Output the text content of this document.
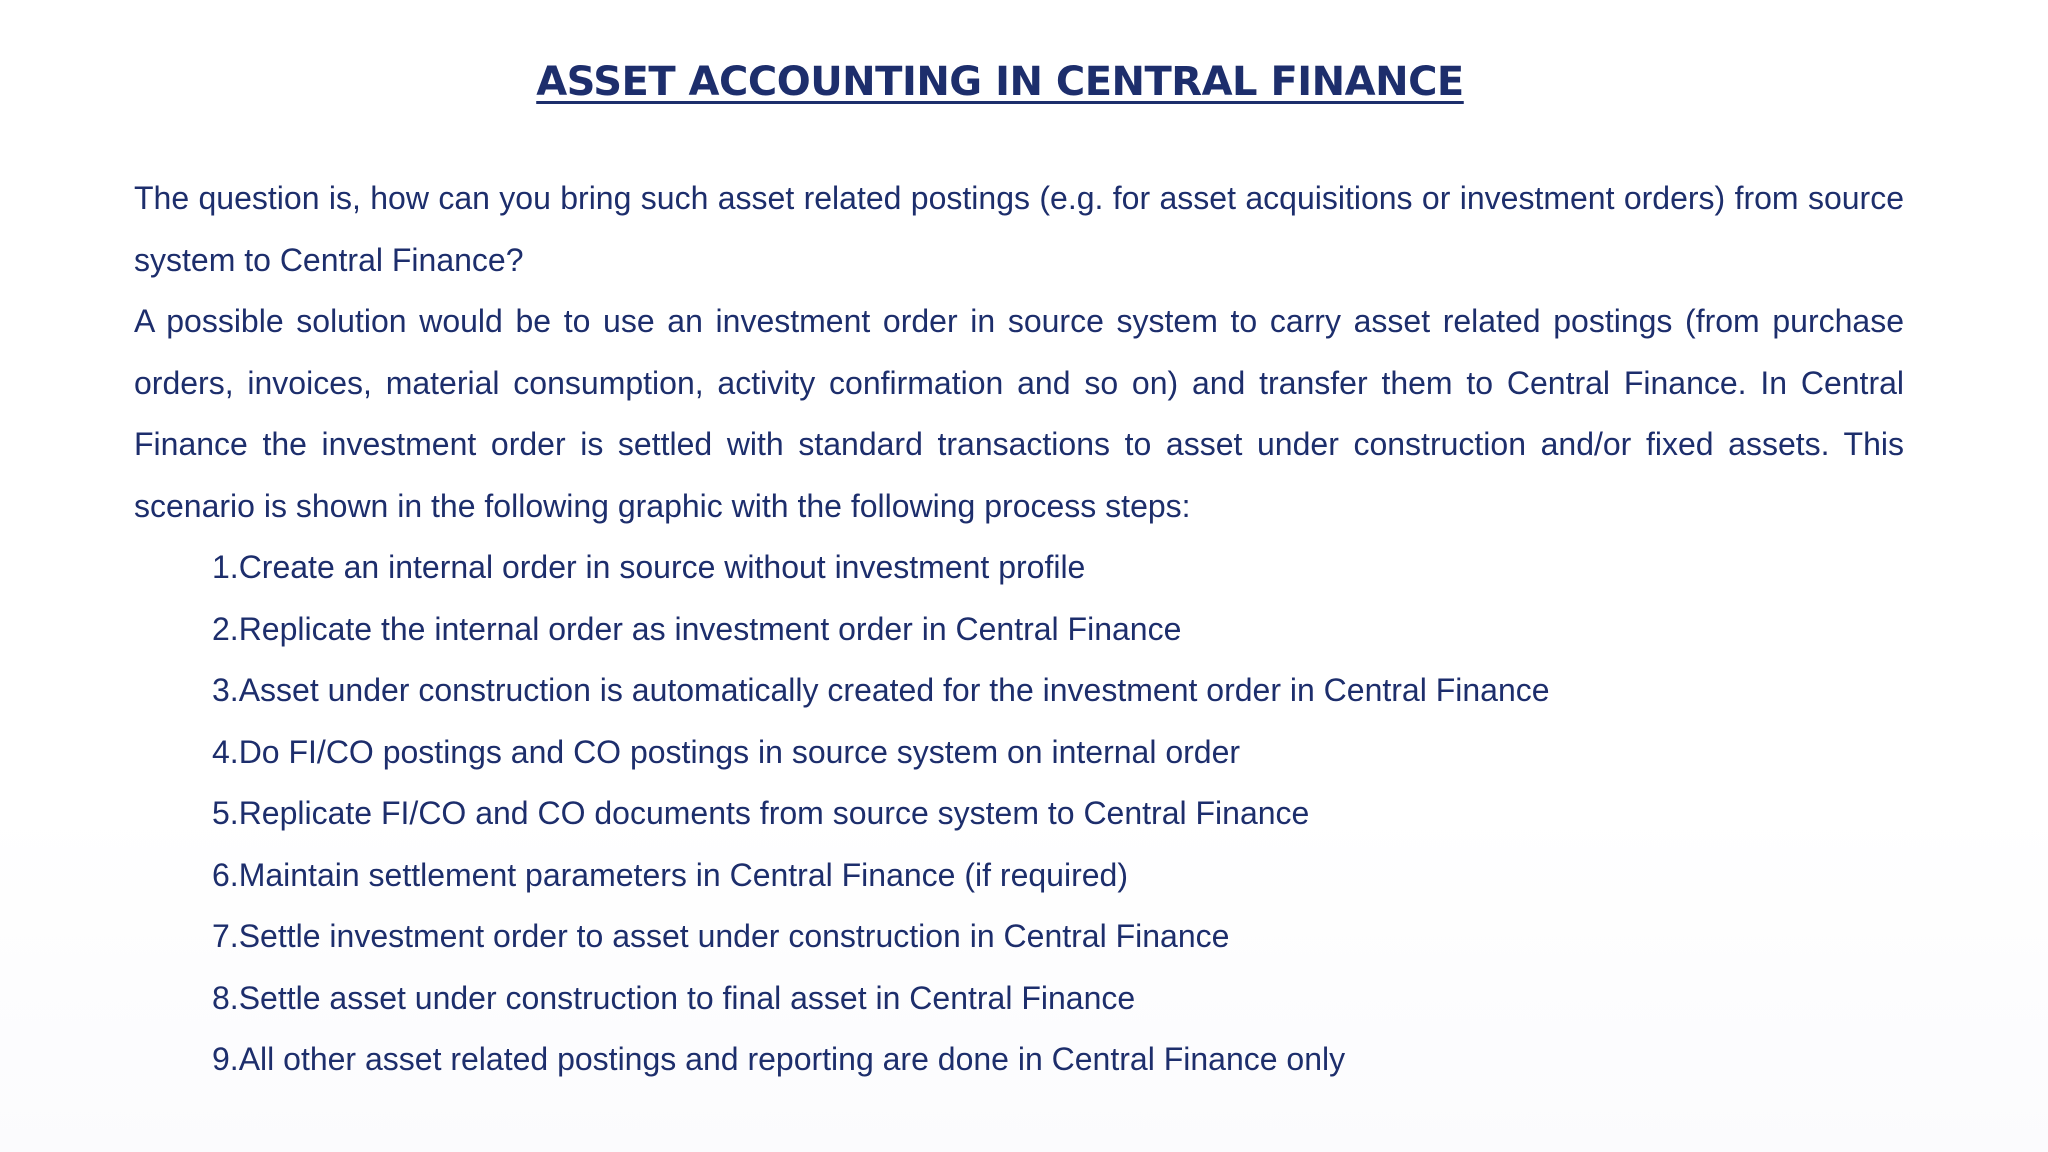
ASSET ACCOUNTING IN CENTRAL FINANCE

The question is, how can you bring such asset related postings (e.g. for asset acquisitions or investment orders) from source system to Central Finance?

A possible solution would be to use an investment order in source system to carry asset related postings (from purchase orders, invoices, material consumption, activity confirmation and so on) and transfer them to Central Finance. In Central Finance the investment order is settled with standard transactions to asset under construction and/or fixed assets. This scenario is shown in the following graphic with the following process steps:

1.Create an internal order in source without investment profile
2.Replicate the internal order as investment order in Central Finance
3.Asset under construction is automatically created for the investment order in Central Finance
4.Do FI/CO postings and CO postings in source system on internal order
5.Replicate FI/CO and CO documents from source system to Central Finance
6.Maintain settlement parameters in Central Finance (if required)
7.Settle investment order to asset under construction in Central Finance
8.Settle asset under construction to final asset in Central Finance
9.All other asset related postings and reporting are done in Central Finance only
